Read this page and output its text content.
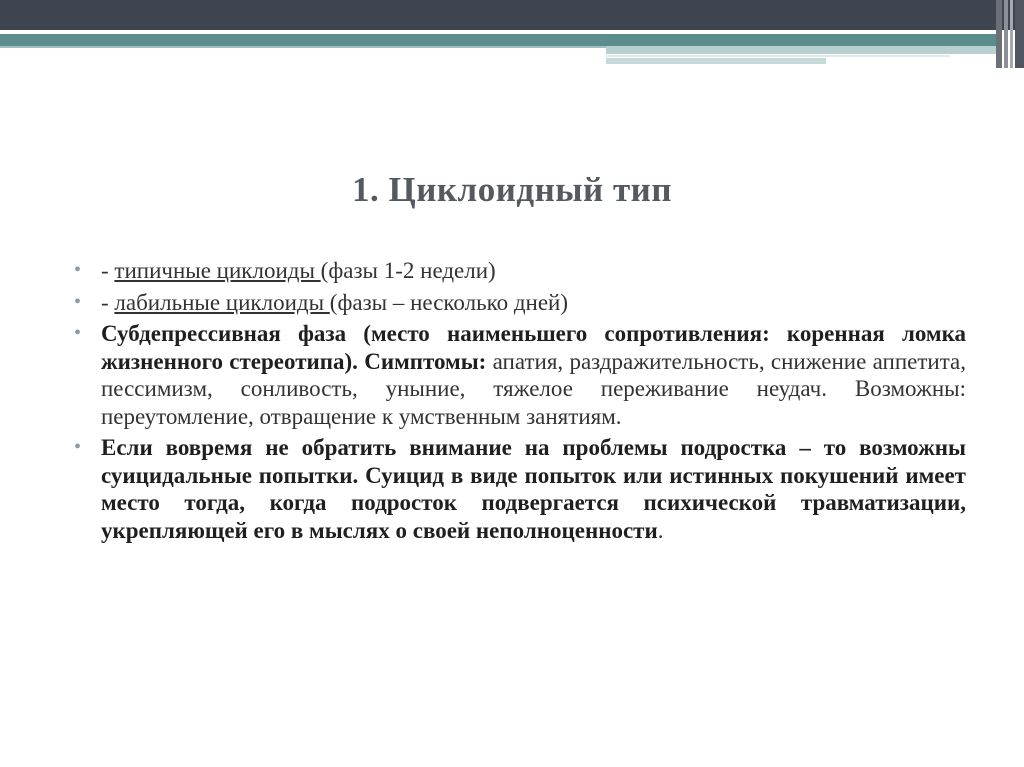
1. Циклоидный тип
• - типичные циклоиды (фазы 1-2 недели)
• - лабильные циклоиды (фазы – несколько дней)
• Субдепрессивная фаза (место наименьшего сопротивления: коренная ломка жизненного стереотипа). Симптомы: апатия, раздражительность, снижение аппетита, пессимизм, сонливость, уныние, тяжелое переживание неудач. Возможны: переутомление, отвращение к умственным занятиям.
• Если вовремя не обратить внимание на проблемы подростка – то возможны суицидальные попытки. Суицид в виде попыток или истинных покушений имеет место тогда, когда подросток подвергается психической травматизации, укрепляющей его в мыслях о своей неполноценности.
